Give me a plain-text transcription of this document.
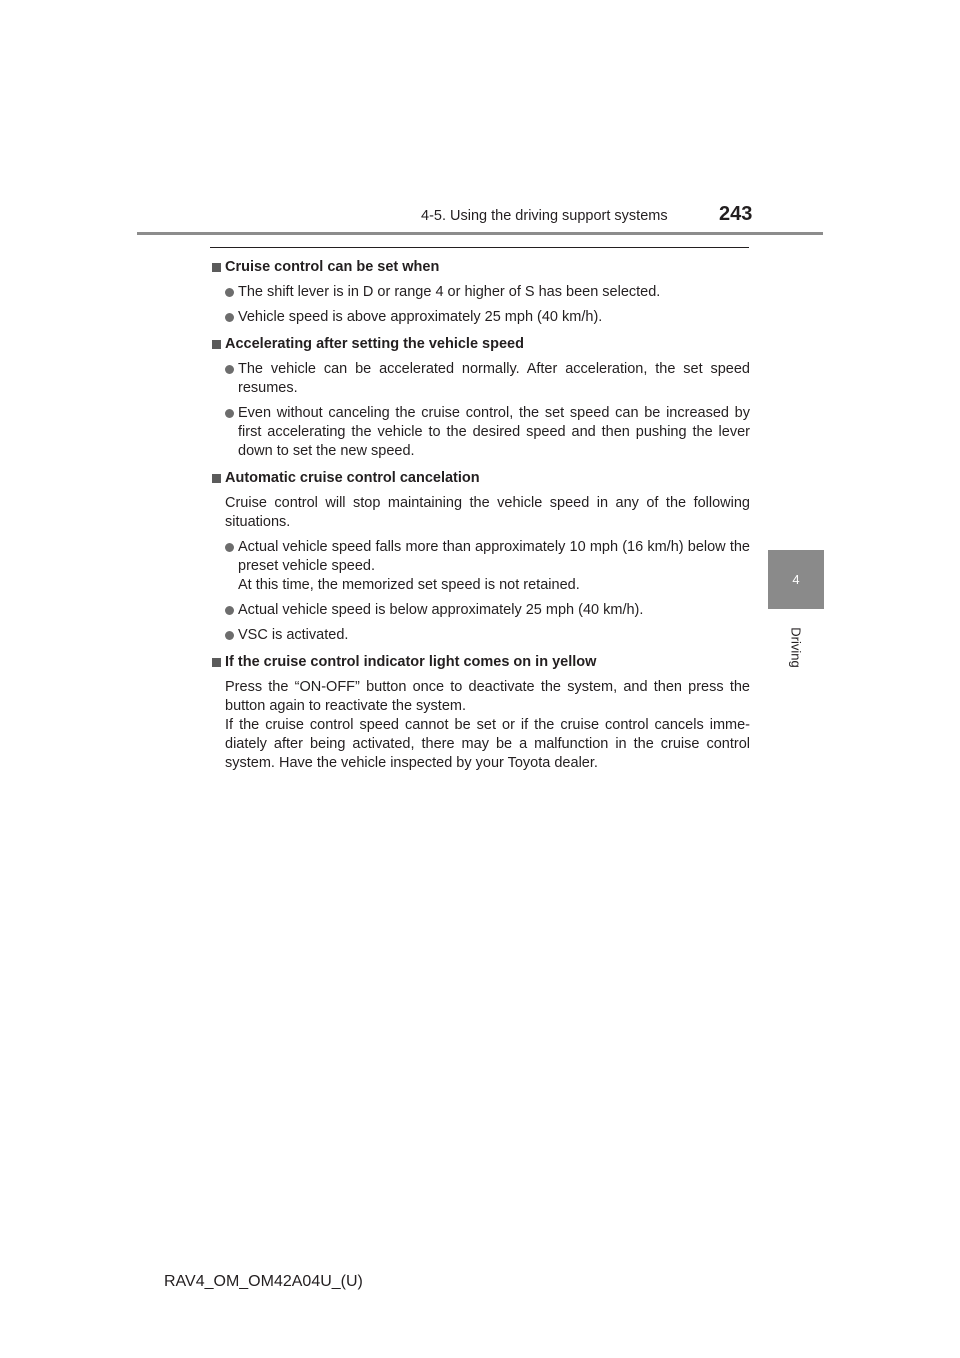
4-5. Using the driving support systems	243
4
Driving
Cruise control can be set when
The shift lever is in D or range 4 or higher of S has been selected.
Vehicle speed is above approximately 25 mph (40 km/h).
Accelerating after setting the vehicle speed
The vehicle can be accelerated normally. After acceleration, the set speed resumes.
Even without canceling the cruise control, the set speed can be increased by first accelerating the vehicle to the desired speed and then pushing the lever down to set the new speed.
Automatic cruise control cancelation
Cruise control will stop maintaining the vehicle speed in any of the following situations.
Actual vehicle speed falls more than approximately 10 mph (16 km/h) below the preset vehicle speed.
At this time, the memorized set speed is not retained.
Actual vehicle speed is below approximately 25 mph (40 km/h).
VSC is activated.
If the cruise control indicator light comes on in yellow
Press the “ON-OFF” button once to deactivate the system, and then press the button again to reactivate the system.
If the cruise control speed cannot be set or if the cruise control cancels imme-diately after being activated, there may be a malfunction in the cruise control system. Have the vehicle inspected by your Toyota dealer.
RAV4_OM_OM42A04U_(U)
